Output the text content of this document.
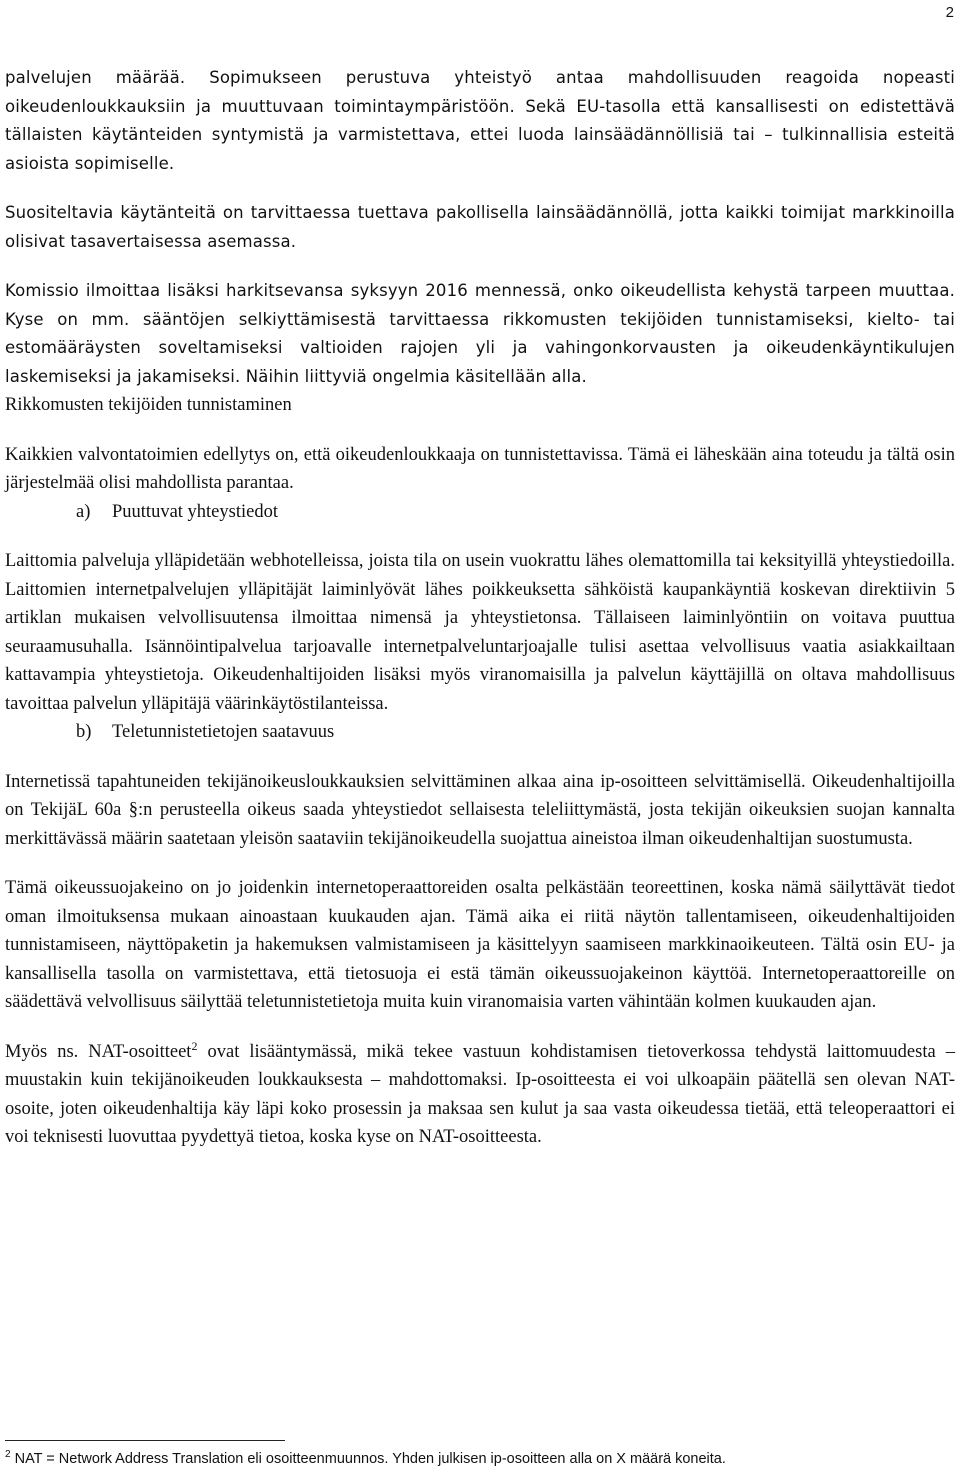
2

palvelujen määrää. Sopimukseen perustuva yhteistyö antaa mahdollisuuden reagoida nopeasti oikeudenloukkauksiin ja muuttuvaan toimintaympäristöön. Sekä EU-tasolla että kansallisesti on edistettävä tällaisten käytänteiden syntymistä ja varmistettava, ettei luoda lainsäädännöllisiä tai – tulkinnallisia esteitä asioista sopimiselle.

Suositeltavia käytänteitä on tarvittaessa tuettava pakollisella lainsäädännöllä, jotta kaikki toimijat markkinoilla olisivat tasavertaisessa asemassa.

Komissio ilmoittaa lisäksi harkitsevansa syksyyn 2016 mennessä, onko oikeudellista kehystä tarpeen muuttaa. Kyse on mm. sääntöjen selkiyttämisestä tarvittaessa rikkomusten tekijöiden tunnistamiseksi, kielto- tai estomääräysten soveltamiseksi valtioiden rajojen yli ja vahingonkorvausten ja oikeudenkäyntikulujen laskemiseksi ja jakamiseksi. Näihin liittyviä ongelmia käsitellään alla.

Rikkomusten tekijöiden tunnistaminen

Kaikkien valvontatoimien edellytys on, että oikeudenloukkaaja on tunnistettavissa. Tämä ei läheskään aina toteudu ja tältä osin järjestelmää olisi mahdollista parantaa.

a) Puuttuvat yhteystiedot

Laittomia palveluja ylläpidetään webhotelleissa, joista tila on usein vuokrattu lähes olemattomilla tai keksityillä yhteystiedoilla. Laittomien internetpalvelujen ylläpitäjät laiminlyövät lähes poikkeuksetta sähköistä kaupankäyntiä koskevan direktiivin 5 artiklan mukaisen velvollisuutensa ilmoittaa nimensä ja yhteystietonsa. Tällaiseen laiminlyöntiin on voitava puuttua seuraamusuhalla. Isännöintipalvelua tarjoavalle internetpalveluntarjoajalle tulisi asettaa velvollisuus vaatia asiakkailtaan kattavampia yhteystietoja. Oikeudenhaltijoiden lisäksi myös viranomaisilla ja palvelun käyttäjillä on oltava mahdollisuus tavoittaa palvelun ylläpitäjä väärinkäytöstilanteissa.

b) Teletunnistetietojen saatavuus

Internetissä tapahtuneiden tekijänoikeusloukkauksien selvittäminen alkaa aina ip-osoitteen selvittämisellä. Oikeudenhaltijoilla on TekijäL 60a §:n perusteella oikeus saada yhteystiedot sellaisesta teleliittymästä, josta tekijän oikeuksien suojan kannalta merkittävässä määrin saatetaan yleisön saataviin tekijänoikeudella suojattua aineistoa ilman oikeudenhaltijan suostumusta.

Tämä oikeussuojakeino on jo joidenkin internetoperaattoreiden osalta pelkästään teoreettinen, koska nämä säilyttävät tiedot oman ilmoituksensa mukaan ainoastaan kuukauden ajan. Tämä aika ei riitä näytön tallentamiseen, oikeudenhaltijoiden tunnistamiseen, näyttöpaketin ja hakemuksen valmistamiseen ja käsittelyyn saamiseen markkinaoikeuteen. Tältä osin EU- ja kansallisella tasolla on varmistettava, että tietosuoja ei estä tämän oikeussuojakeinon käyttöä. Internetoperaattoreille on säädettävä velvollisuus säilyttää teletunnistetietoja muita kuin viranomaisia varten vähintään kolmen kuukauden ajan.

Myös ns. NAT-osoitteet$^2$ ovat lisääntymässä, mikä tekee vastuun kohdistamisen tietoverkossa tehdystä laittomuudesta – muustakin kuin tekijänoikeuden loukkauksesta – mahdottomaksi. Ip-osoitteesta ei voi ulkoapäin päätellä sen olevan NAT-osoite, joten oikeudenhaltija käy läpi koko prosessin ja maksaa sen kulut ja saa vasta oikeudessa tietää, että teleoperaattori ei voi teknisesti luovuttaa pyydettyä tietoa, koska kyse on NAT-osoitteesta.

$^2$ NAT = Network Address Translation eli osoitteenmuunnos. Yhden julkisen ip-osoitteen alla on X määrä koneita.
